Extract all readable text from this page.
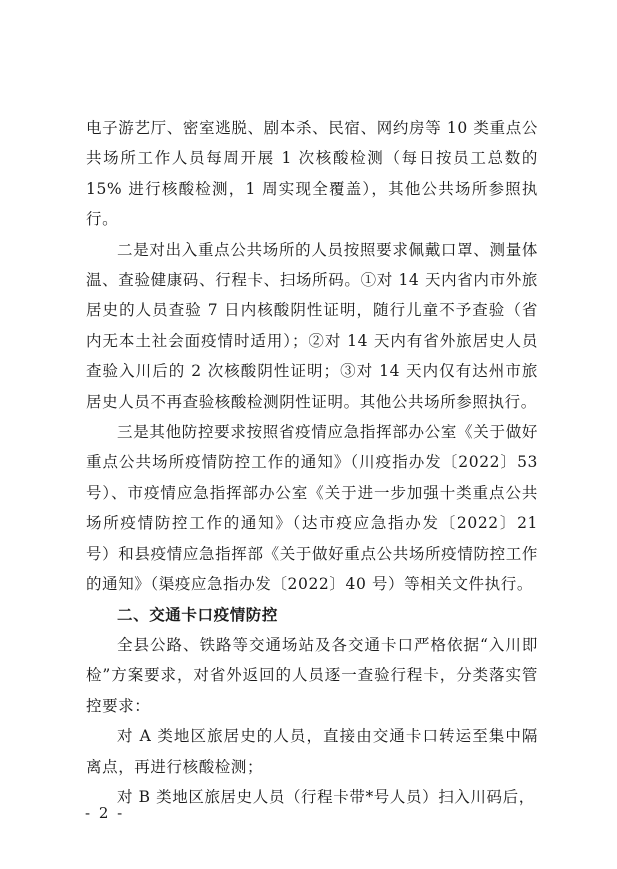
电子游艺厅、密室逃脱、剧本杀、民宿、网约房等 10 类重点公共场所工作人员每周开展 1 次核酸检测（每日按员工总数的 15% 进行核酸检测，1 周实现全覆盖），其他公共场所参照执行。

二是对出入重点公共场所的人员按照要求佩戴口罩、测量体温、查验健康码、行程卡、扫场所码。①对 14 天内省内市外旅居史的人员查验 7 日内核酸阴性证明，随行儿童不予查验（省内无本土社会面疫情时适用）；②对 14 天内有省外旅居史人员查验入川后的 2 次核酸阴性证明；③对 14 天内仅有达州市旅居史人员不再查验核酸检测阴性证明。其他公共场所参照执行。

三是其他防控要求按照省疫情应急指挥部办公室《关于做好重点公共场所疫情防控工作的通知》（川疫指办发〔2022〕53 号）、市疫情应急指挥部办公室《关于进一步加强十类重点公共场所疫情防控工作的通知》（达市疫应急指办发〔2022〕21 号）和县疫情应急指挥部《关于做好重点公共场所疫情防控工作的通知》（渠疫应急指办发〔2022〕40 号）等相关文件执行。

二、交通卡口疫情防控

全县公路、铁路等交通场站及各交通卡口严格依据“入川即检”方案要求，对省外返回的人员逐一查验行程卡，分类落实管控要求：

对 A 类地区旅居史的人员，直接由交通卡口转运至集中隔离点，再进行核酸检测；

对 B 类地区旅居史人员（行程卡带*号人员）扫入川码后，

- 2 -
